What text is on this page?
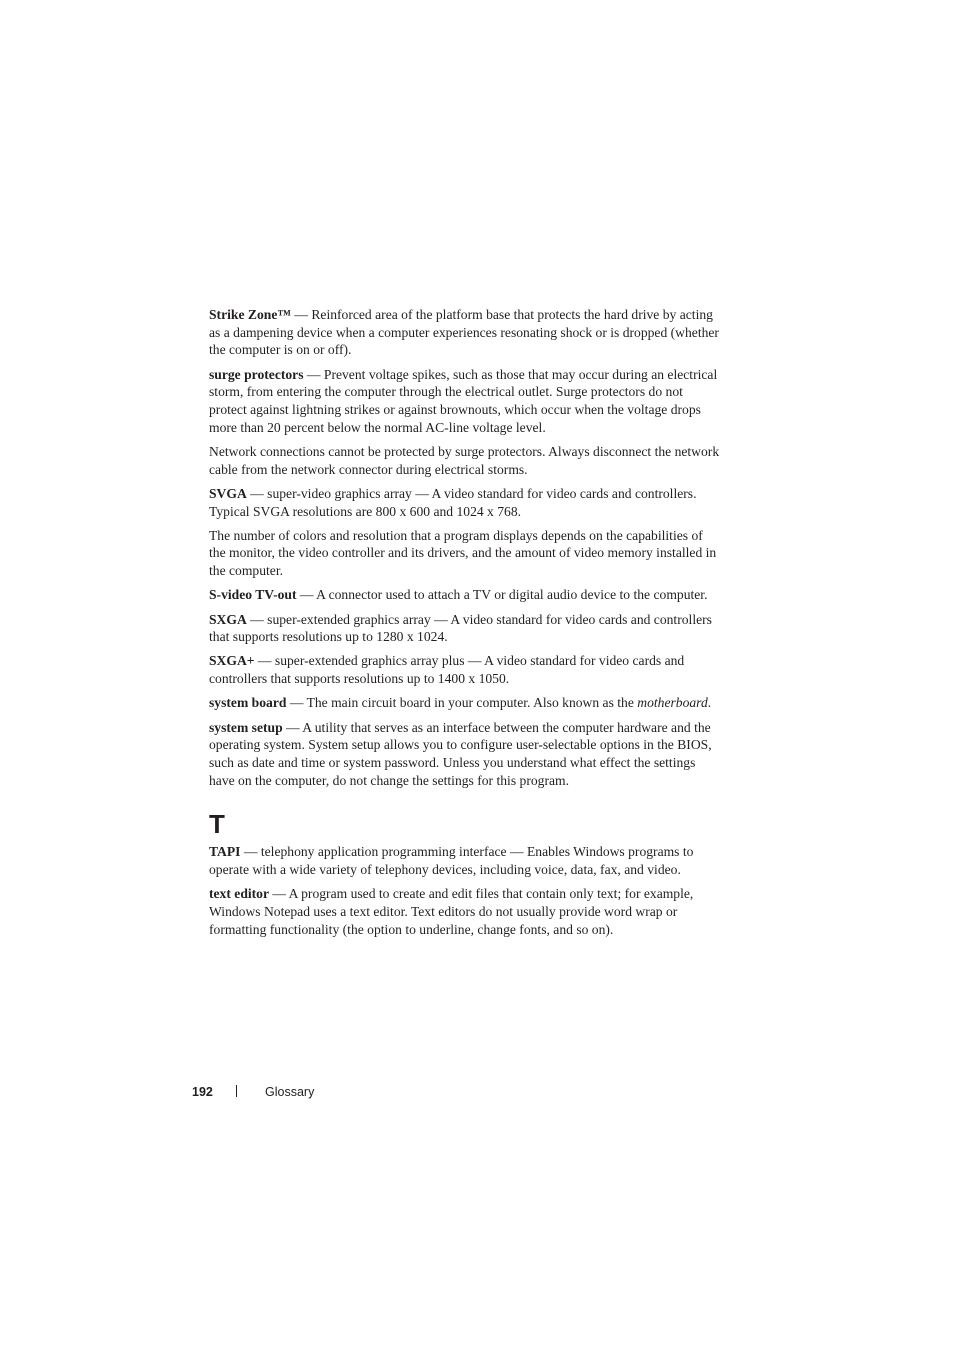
Strike Zone™ — Reinforced area of the platform base that protects the hard drive by acting as a dampening device when a computer experiences resonating shock or is dropped (whether the computer is on or off).

surge protectors — Prevent voltage spikes, such as those that may occur during an electrical storm, from entering the computer through the electrical outlet. Surge protectors do not protect against lightning strikes or against brownouts, which occur when the voltage drops more than 20 percent below the normal AC-line voltage level.

Network connections cannot be protected by surge protectors. Always disconnect the network cable from the network connector during electrical storms.

SVGA — super-video graphics array — A video standard for video cards and controllers. Typical SVGA resolutions are 800 x 600 and 1024 x 768.

The number of colors and resolution that a program displays depends on the capabilities of the monitor, the video controller and its drivers, and the amount of video memory installed in the computer.

S-video TV-out — A connector used to attach a TV or digital audio device to the computer.

SXGA — super-extended graphics array — A video standard for video cards and controllers that supports resolutions up to 1280 x 1024.

SXGA+ — super-extended graphics array plus — A video standard for video cards and controllers that supports resolutions up to 1400 x 1050.

system board — The main circuit board in your computer. Also known as the motherboard.

system setup — A utility that serves as an interface between the computer hardware and the operating system. System setup allows you to configure user-selectable options in the BIOS, such as date and time or system password. Unless you understand what effect the settings have on the computer, do not change the settings for this program.

T

TAPI — telephony application programming interface — Enables Windows programs to operate with a wide variety of telephony devices, including voice, data, fax, and video.

text editor — A program used to create and edit files that contain only text; for example, Windows Notepad uses a text editor. Text editors do not usually provide word wrap or formatting functionality (the option to underline, change fonts, and so on).

192	Glossary
